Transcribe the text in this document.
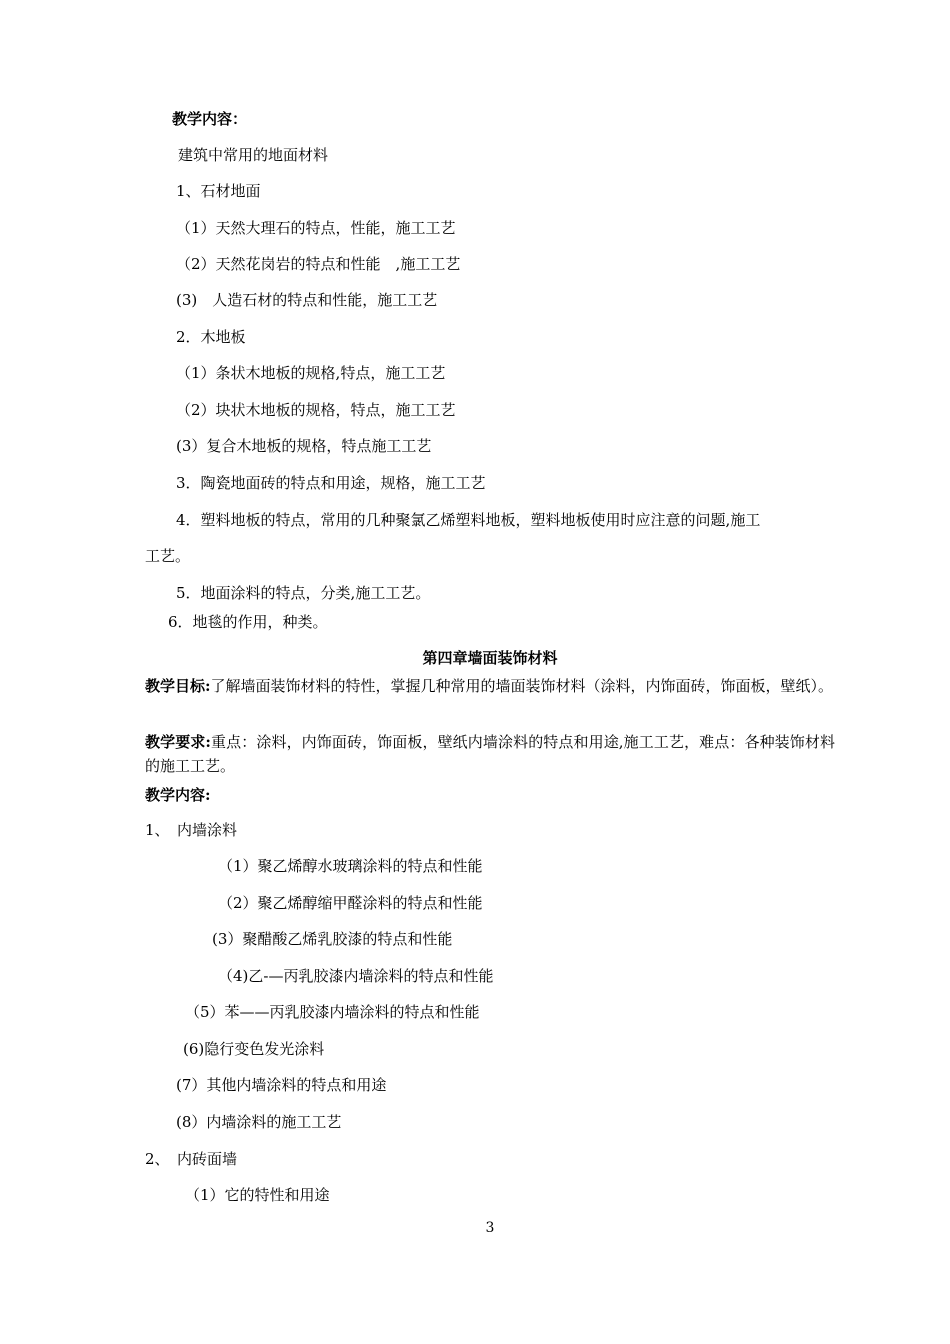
教学内容：
建筑中常用的地面材料
1、石材地面
（1）天然大理石的特点，性能，施工工艺
（2）天然花岗岩的特点和性能　,施工工艺
(3)　人造石材的特点和性能，施工工艺
2．木地板
（1）条状木地板的规格,特点，施工工艺
（2）块状木地板的规格，特点，施工工艺
(3）复合木地板的规格，特点施工工艺
3．陶瓷地面砖的特点和用途，规格，施工工艺
4．塑料地板的特点，常用的几种聚氯乙烯塑料地板，塑料地板使用时应注意的问题,施工
工艺。
5．地面涂料的特点，分类,施工工艺。
6．地毯的作用，种类。
第四章墙面装饰材料

教学目标:了解墙面装饰材料的特性，掌握几种常用的墙面装饰材料（涂料，内饰面砖，饰面板，壁纸）。

教学要求:重点：涂料，内饰面砖，饰面板，壁纸内墙涂料的特点和用途,施工工艺，难点：各种装饰材料的施工工艺。

教学内容:
1、　内墙涂料
（1）聚乙烯醇水玻璃涂料的特点和性能
（2）聚乙烯醇缩甲醛涂料的特点和性能
(3）聚醋酸乙烯乳胶漆的特点和性能
（4)乙-—丙乳胶漆内墙涂料的特点和性能
（5）苯——丙乳胶漆内墙涂料的特点和性能
(6)隐行变色发光涂料
(7）其他内墙涂料的特点和用途
(8）内墙涂料的施工工艺
2、　内砖面墙
（1）它的特性和用途
3
